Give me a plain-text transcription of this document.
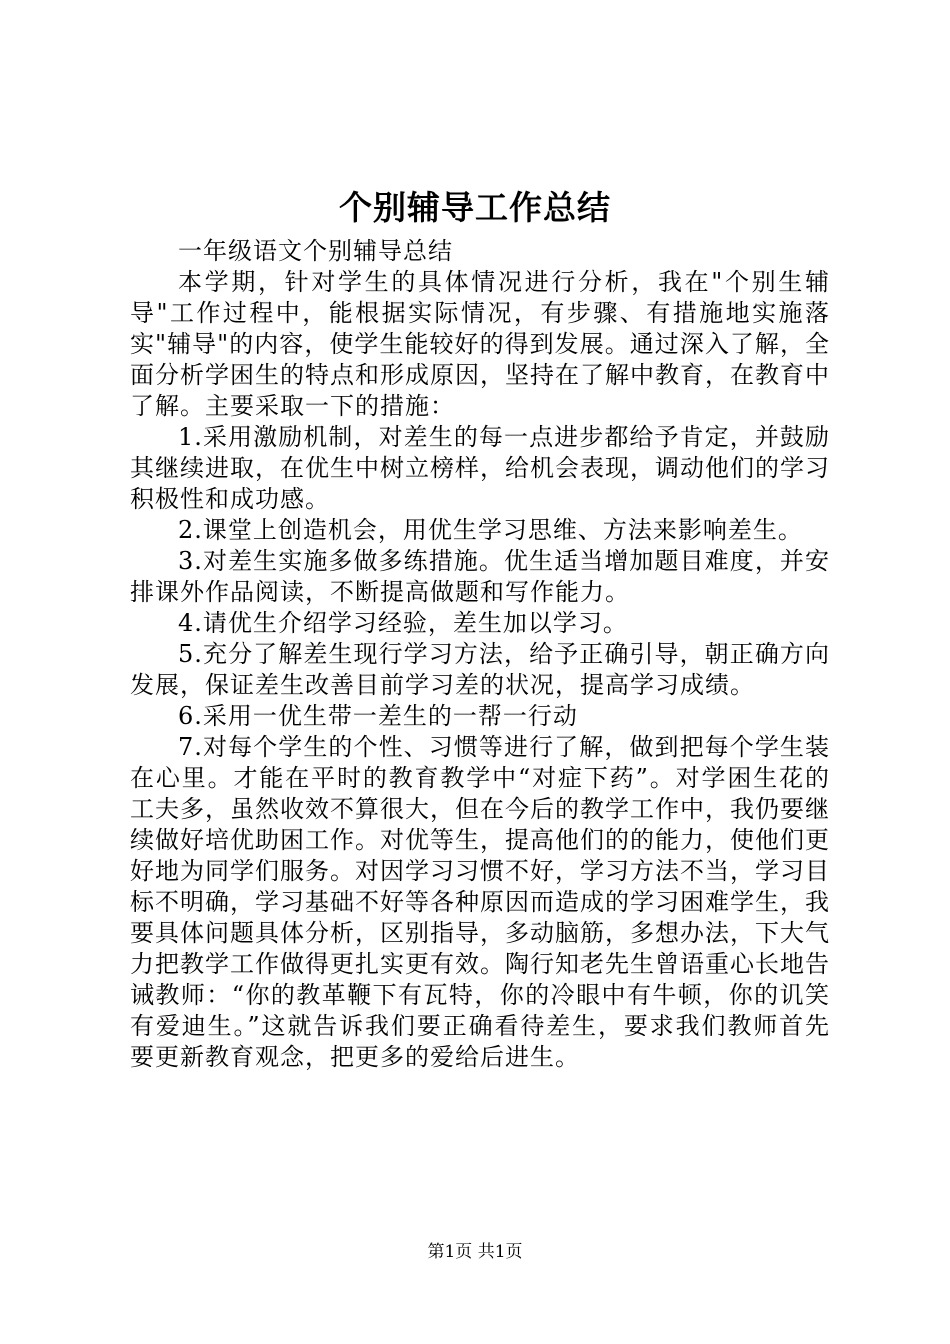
个别辅导工作总结

一年级语文个别辅导总结

本学期，针对学生的具体情况进行分析，我在"个别生辅导"工作过程中，能根据实际情况，有步骤、有措施地实施落实"辅导"的内容，使学生能较好的得到发展。通过深入了解，全面分析学困生的特点和形成原因，坚持在了解中教育，在教育中了解。主要采取一下的措施：

1.采用激励机制，对差生的每一点进步都给予肯定，并鼓励其继续进取，在优生中树立榜样，给机会表现，调动他们的学习积极性和成功感。

2.课堂上创造机会，用优生学习思维、方法来影响差生。

3.对差生实施多做多练措施。优生适当增加题目难度，并安排课外作品阅读，不断提高做题和写作能力。

4.请优生介绍学习经验，差生加以学习。

5.充分了解差生现行学习方法，给予正确引导，朝正确方向发展，保证差生改善目前学习差的状况，提高学习成绩。

6.采用一优生带一差生的一帮一行动

7.对每个学生的个性、习惯等进行了解，做到把每个学生装在心里。才能在平时的教育教学中“对症下药”。对学困生花的工夫多，虽然收效不算很大，但在今后的教学工作中，我仍要继续做好培优助困工作。对优等生，提高他们的的能力，使他们更好地为同学们服务。对因学习习惯不好，学习方法不当，学习目标不明确，学习基础不好等各种原因而造成的学习困难学生，我要具体问题具体分析，区别指导，多动脑筋，多想办法，下大气力把教学工作做得更扎实更有效。陶行知老先生曾语重心长地告诫教师：“你的教革鞭下有瓦特，你的冷眼中有牛顿，你的讥笑有爱迪生。”这就告诉我们要正确看待差生，要求我们教师首先要更新教育观念，把更多的爱给后进生。

第1页 共1页
